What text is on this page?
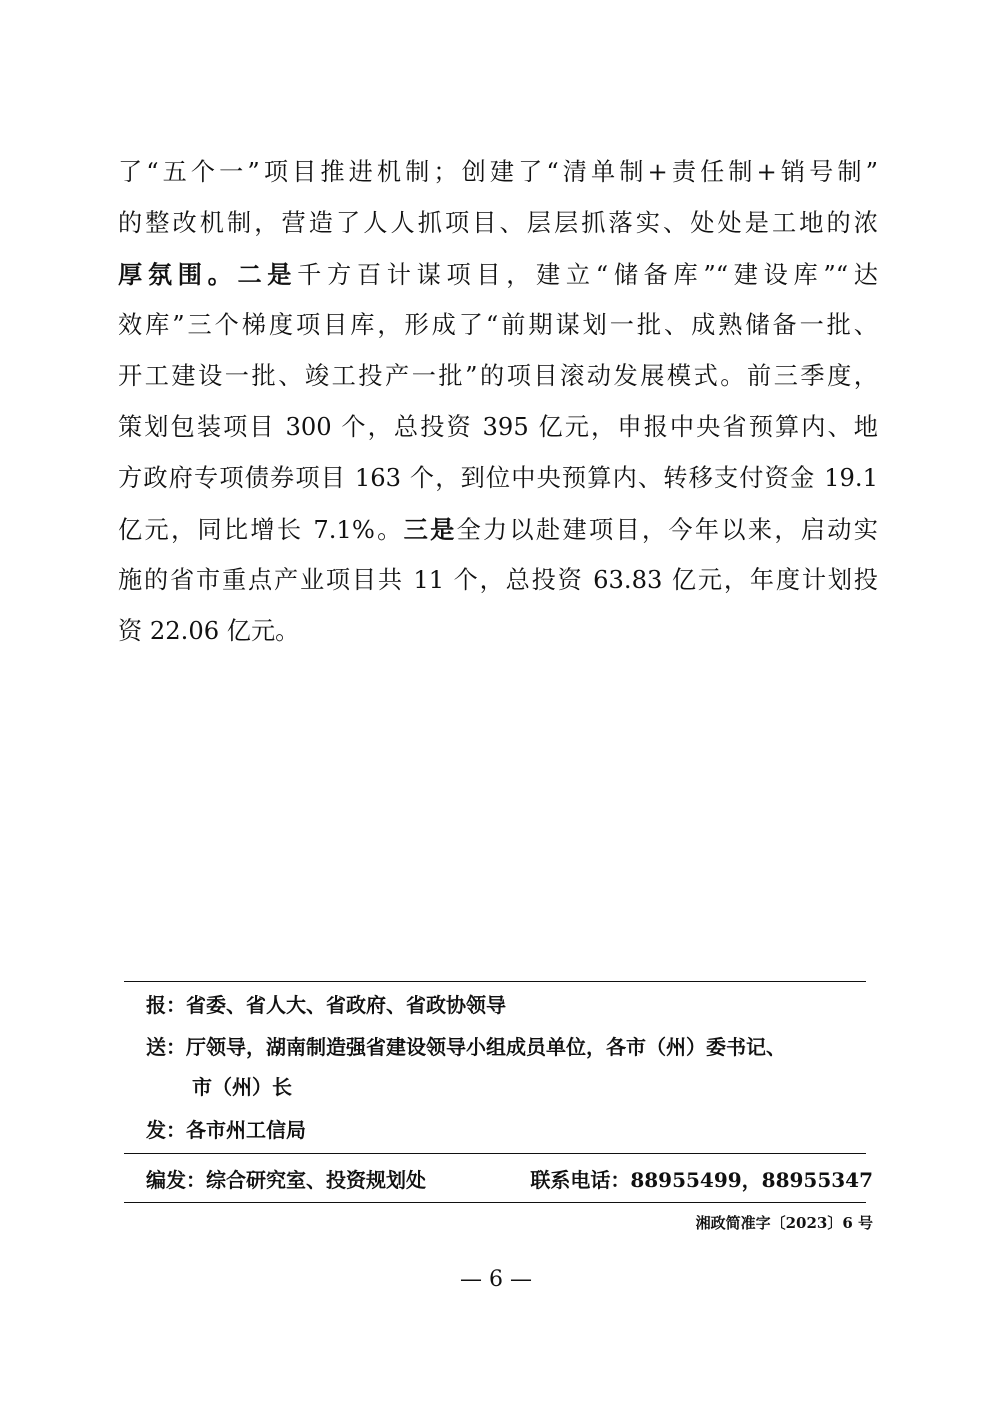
了“五个一”项目推进机制；创建了“清单制+责任制+销号制”
的整改机制，营造了人人抓项目、层层抓落实、处处是工地的浓
厚氛围。二是千方百计谋项目，建立“储备库”“建设库”“达
效库”三个梯度项目库，形成了“前期谋划一批、成熟储备一批、
开工建设一批、竣工投产一批”的项目滚动发展模式。前三季度，
策划包装项目 300 个，总投资 395 亿元，申报中央省预算内、地
方政府专项债券项目 163 个，到位中央预算内、转移支付资金 19.1
亿元，同比增长 7.1%。三是全力以赴建项目，今年以来，启动实
施的省市重点产业项目共 11 个，总投资 63.83 亿元，年度计划投
资 22.06 亿元。
报：省委、省人大、省政府、省政协领导
送：厅领导，湖南制造强省建设领导小组成员单位，各市（州）委书记、
市（州）长
发：各市州工信局
编发：综合研究室、投资规划处	联系电话：88955499，88955347
湘政简准字〔2023〕6 号
— 6 —
